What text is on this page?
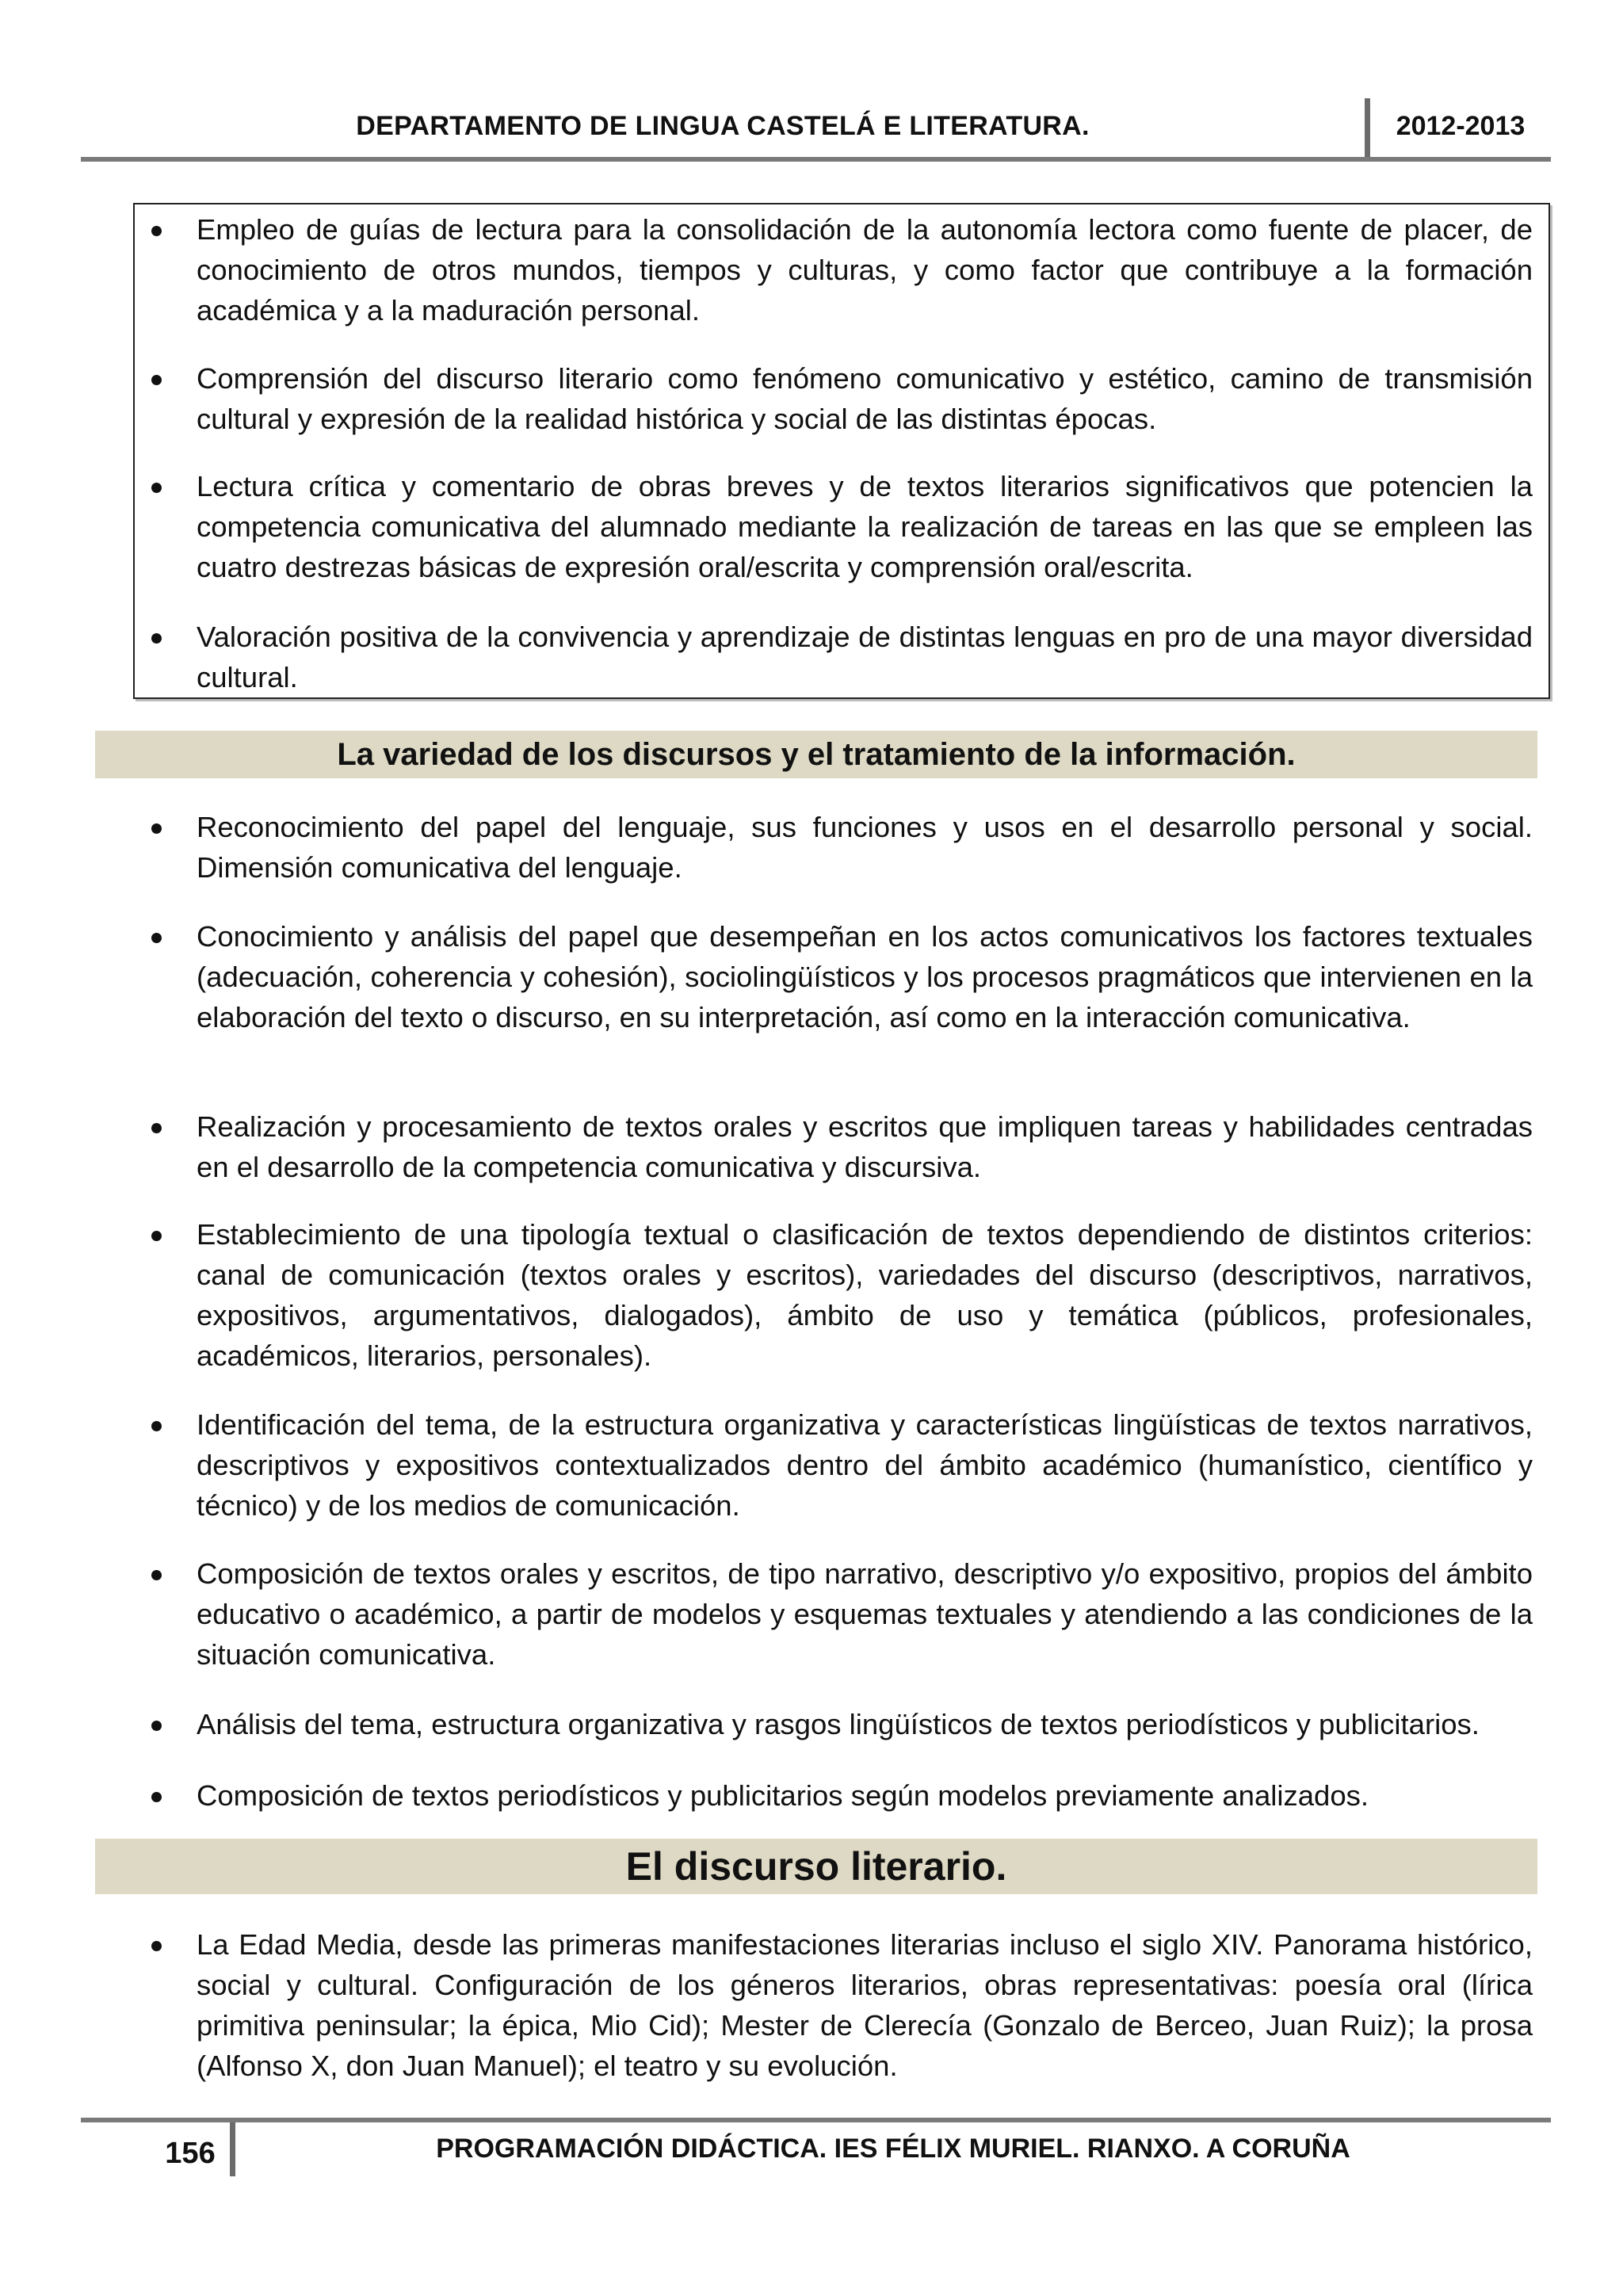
DEPARTAMENTO DE LINGUA CASTELÁ E LITERATURA.	2012-2013
Empleo de guías de lectura para la consolidación de la autonomía lectora como fuente de placer, de conocimiento de otros mundos, tiempos y culturas, y como factor que contribuye a la formación académica y a la maduración personal.
Comprensión del discurso literario como fenómeno comunicativo y estético, camino de transmisión cultural y expresión de la realidad histórica y social de las distintas épocas.
Lectura crítica y comentario de obras breves y de textos literarios significativos que potencien la competencia comunicativa del alumnado mediante la realización de tareas en las que se empleen las cuatro destrezas básicas de expresión oral/escrita y comprensión oral/escrita.
Valoración positiva de la convivencia y aprendizaje de distintas lenguas en pro de una mayor diversidad cultural.
La variedad de los discursos y el tratamiento de la información.
Reconocimiento del papel del lenguaje, sus funciones y usos en el desarrollo personal y social. Dimensión comunicativa del lenguaje.
Conocimiento y análisis del papel que desempeñan en los actos comunicativos los factores textuales (adecuación, coherencia y cohesión), sociolingüísticos y los procesos pragmáticos que intervienen en la elaboración del texto o discurso, en su interpretación, así como en la interacción comunicativa.
Realización y procesamiento de textos orales y escritos que impliquen tareas y habilidades centradas en el desarrollo de la competencia comunicativa y discursiva.
Establecimiento de una tipología textual o clasificación de textos dependiendo de distintos criterios: canal de comunicación (textos orales y escritos), variedades del discurso (descriptivos, narrativos, expositivos, argumentativos, dialogados), ámbito de uso y temática (públicos, profesionales, académicos, literarios, personales).
Identificación del tema, de la estructura organizativa y características lingüísticas de textos narrativos, descriptivos y expositivos contextualizados dentro del ámbito académico (humanístico, científico y técnico) y de los medios de comunicación.
Composición de textos orales y escritos, de tipo narrativo, descriptivo y/o expositivo, propios del ámbito educativo o académico, a partir de modelos y esquemas textuales y atendiendo a las condiciones de la situación comunicativa.
Análisis del tema, estructura organizativa y rasgos lingüísticos de textos periodísticos y publicitarios.
Composición de textos periodísticos y publicitarios según modelos previamente analizados.
El discurso literario.
La Edad Media, desde las primeras manifestaciones literarias incluso el siglo XIV. Panorama histórico, social y cultural. Configuración de los géneros literarios, obras representativas: poesía oral (lírica primitiva peninsular; la épica, Mio Cid); Mester de Clerecía (Gonzalo de Berceo, Juan Ruiz); la prosa (Alfonso X, don Juan Manuel); el teatro y su evolución.
156	PROGRAMACIÓN DIDÁCTICA. IES FÉLIX MURIEL. RIANXO. A CORUÑA
